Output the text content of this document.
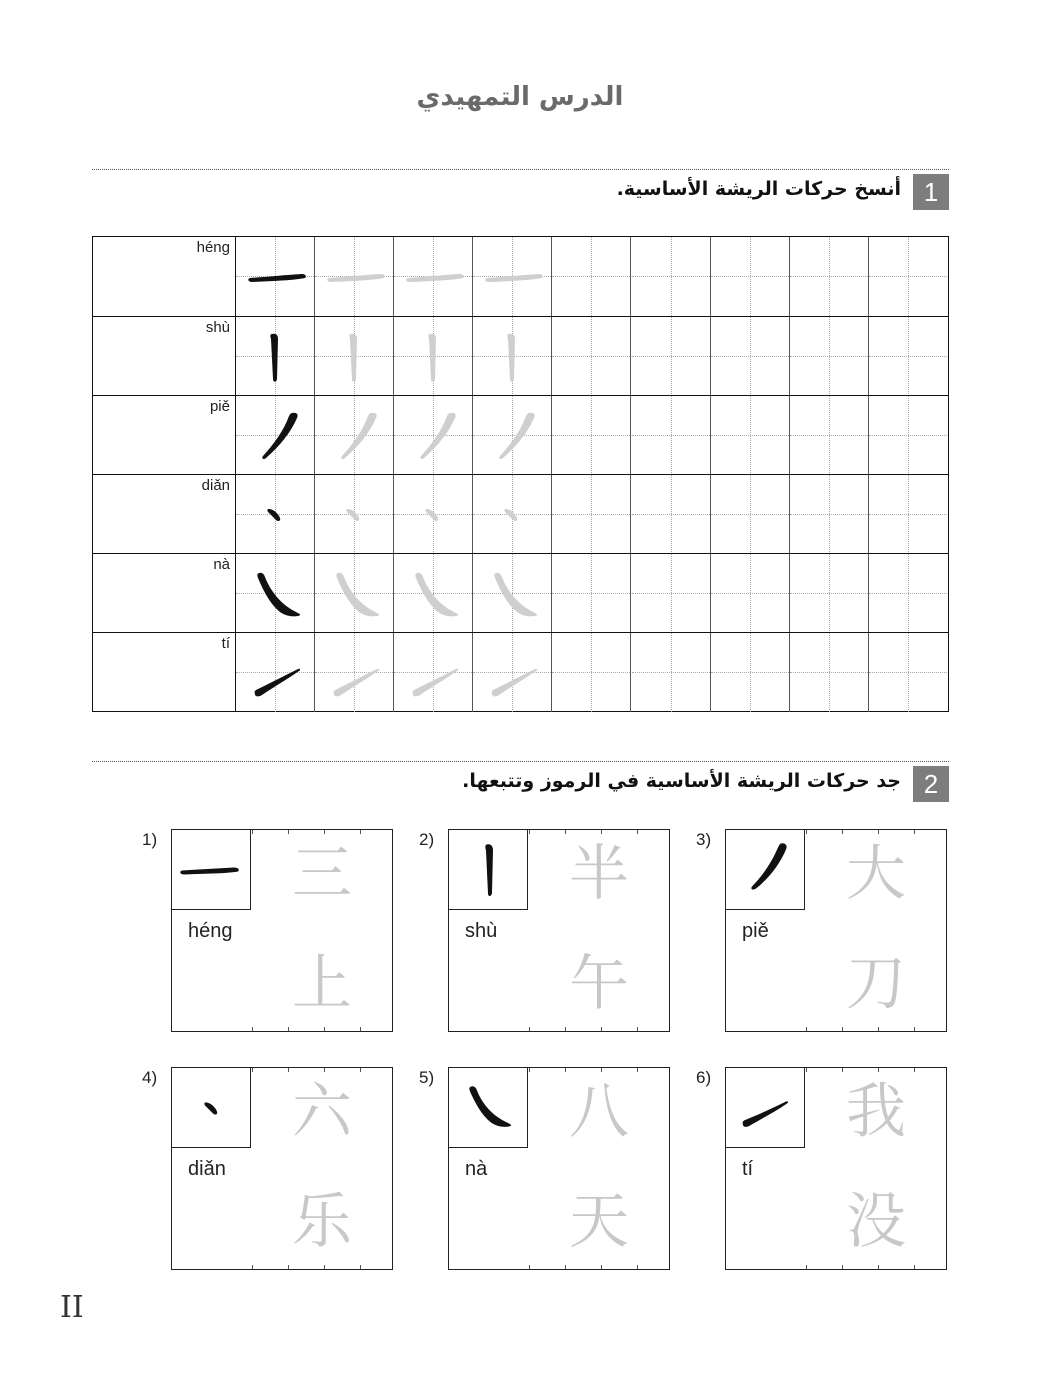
الدرس التمهيدي
1
أنسخ حركات الريشة الأساسية.
héng
shù
piě
diǎn
nà
tí
2
جد حركات الريشة الأساسية في الرموز وتتبعها.
1)
héng
三
上
2)
shù
半
午
3)
piě
大
刀
4)
diǎn
六
乐
5)
nà
八
天
6)
tí
我
没
II
